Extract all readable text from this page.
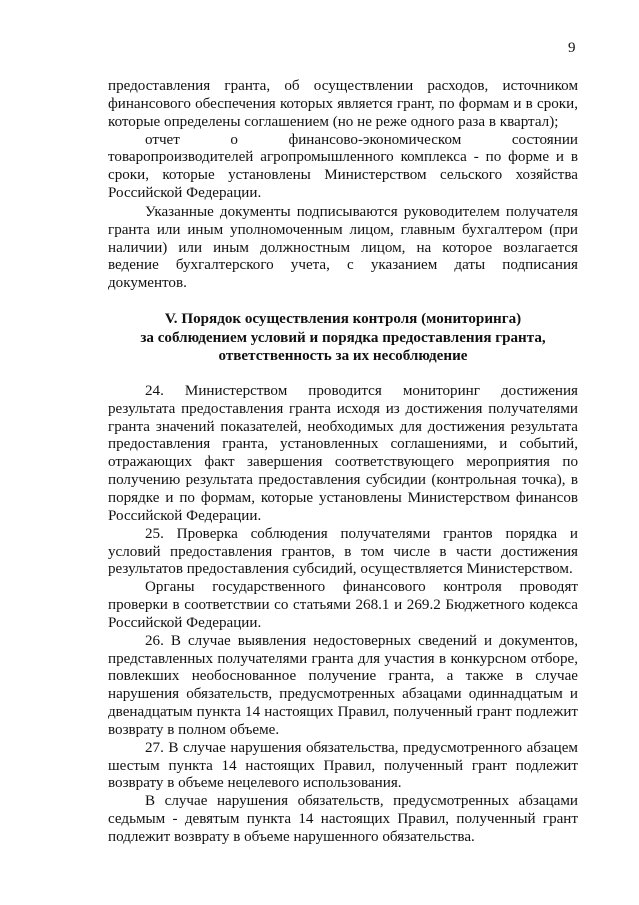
9

предоставления гранта, об осуществлении расходов, источником финансового обеспечения которых является грант, по формам и в сроки, которые определены соглашением (но не реже одного раза в квартал);

отчет о финансово-экономическом состоянии товаропроизводителей агропромышленного комплекса - по форме и в сроки, которые установлены Министерством сельского хозяйства Российской Федерации.

Указанные документы подписываются руководителем получателя гранта или иным уполномоченным лицом, главным бухгалтером (при наличии) или иным должностным лицом, на которое возлагается ведение бухгалтерского учета, с указанием даты подписания документов.

V. Порядок осуществления контроля (мониторинга)
за соблюдением условий и порядка предоставления гранта,
ответственность за их несоблюдение

24. Министерством проводится мониторинг достижения результата предоставления гранта исходя из достижения получателями гранта значений показателей, необходимых для достижения результата предоставления гранта, установленных соглашениями, и событий, отражающих факт завершения соответствующего мероприятия по получению результата предоставления субсидии (контрольная точка), в порядке и по формам, которые установлены Министерством финансов Российской Федерации.

25. Проверка соблюдения получателями грантов порядка и условий предоставления грантов, в том числе в части достижения результатов предоставления субсидий, осуществляется Министерством.

Органы государственного финансового контроля проводят проверки в соответствии со статьями 268.1 и 269.2 Бюджетного кодекса Российской Федерации.

26. В случае выявления недостоверных сведений и документов, представленных получателями гранта для участия в конкурсном отборе, повлекших необоснованное получение гранта, а также в случае нарушения обязательств, предусмотренных абзацами одиннадцатым и двенадцатым пункта 14 настоящих Правил, полученный грант подлежит возврату в полном объеме.

27. В случае нарушения обязательства, предусмотренного абзацем шестым пункта 14 настоящих Правил, полученный грант подлежит возврату в объеме нецелевого использования.

В случае нарушения обязательств, предусмотренных абзацами седьмым - девятым пункта 14 настоящих Правил, полученный грант подлежит возврату в объеме нарушенного обязательства.
